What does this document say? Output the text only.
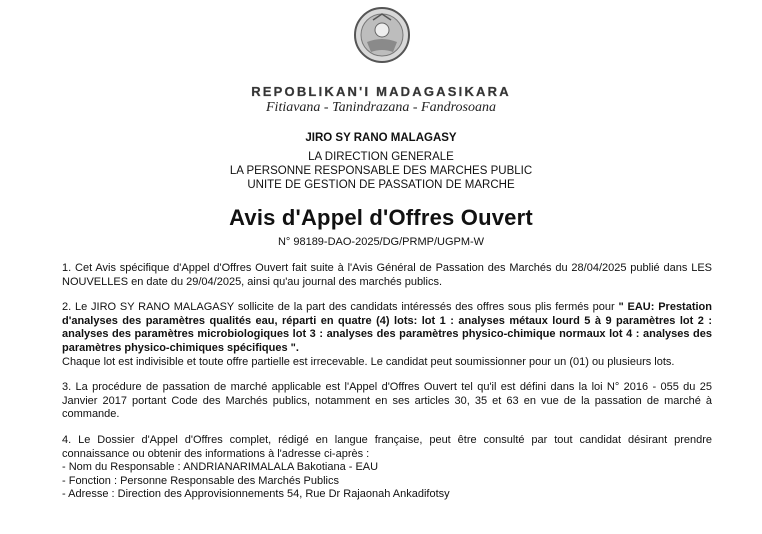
REPOBLIKAN'I MADAGASIKARA
Fitiavana - Tanindrazana - Fandrosoana
JIRO SY RANO MALAGASY
LA DIRECTION GENERALE
LA PERSONNE RESPONSABLE DES MARCHES PUBLIC
UNITE DE GESTION DE PASSATION DE MARCHE
Avis d'Appel d'Offres Ouvert
N° 98189-DAO-2025/DG/PRMP/UGPM-W

1. Cet Avis spécifique d'Appel d'Offres Ouvert fait suite à l'Avis Général de Passation des Marchés du 28/04/2025 publié dans LES NOUVELLES en date du 29/04/2025, ainsi qu'au journal des marchés publics.

2. Le JIRO SY RANO MALAGASY sollicite de la part des candidats intéressés des offres sous plis fermés pour " EAU: Prestation d'analyses des paramètres qualités eau, réparti en quatre (4) lots: lot 1 : analyses métaux lourd 5 à 9 paramètres lot 2 : analyses des paramètres microbiologiques lot 3 : analyses des paramètres physico-chimique normaux lot 4 : analyses des paramètres physico-chimiques spécifiques ".
Chaque lot est indivisible et toute offre partielle est irrecevable. Le candidat peut soumissionner pour un (01) ou plusieurs lots.

3. La procédure de passation de marché applicable est l'Appel d'Offres Ouvert tel qu'il est défini dans la loi N° 2016 - 055 du 25 Janvier 2017 portant Code des Marchés publics, notamment en ses articles 30, 35 et 63 en vue de la passation de marché à commande.

4. Le Dossier d'Appel d'Offres complet, rédigé en langue française, peut être consulté par tout candidat désirant prendre connaissance ou obtenir des informations à l'adresse ci-après :

- Nom du Responsable : ANDRIANARIMALALA Bakotiana - EAU
- Fonction : Personne Responsable des Marchés Publics
- Adresse : Direction des Approvisionnements 54, Rue Dr Rajaonah Ankadifotsy
